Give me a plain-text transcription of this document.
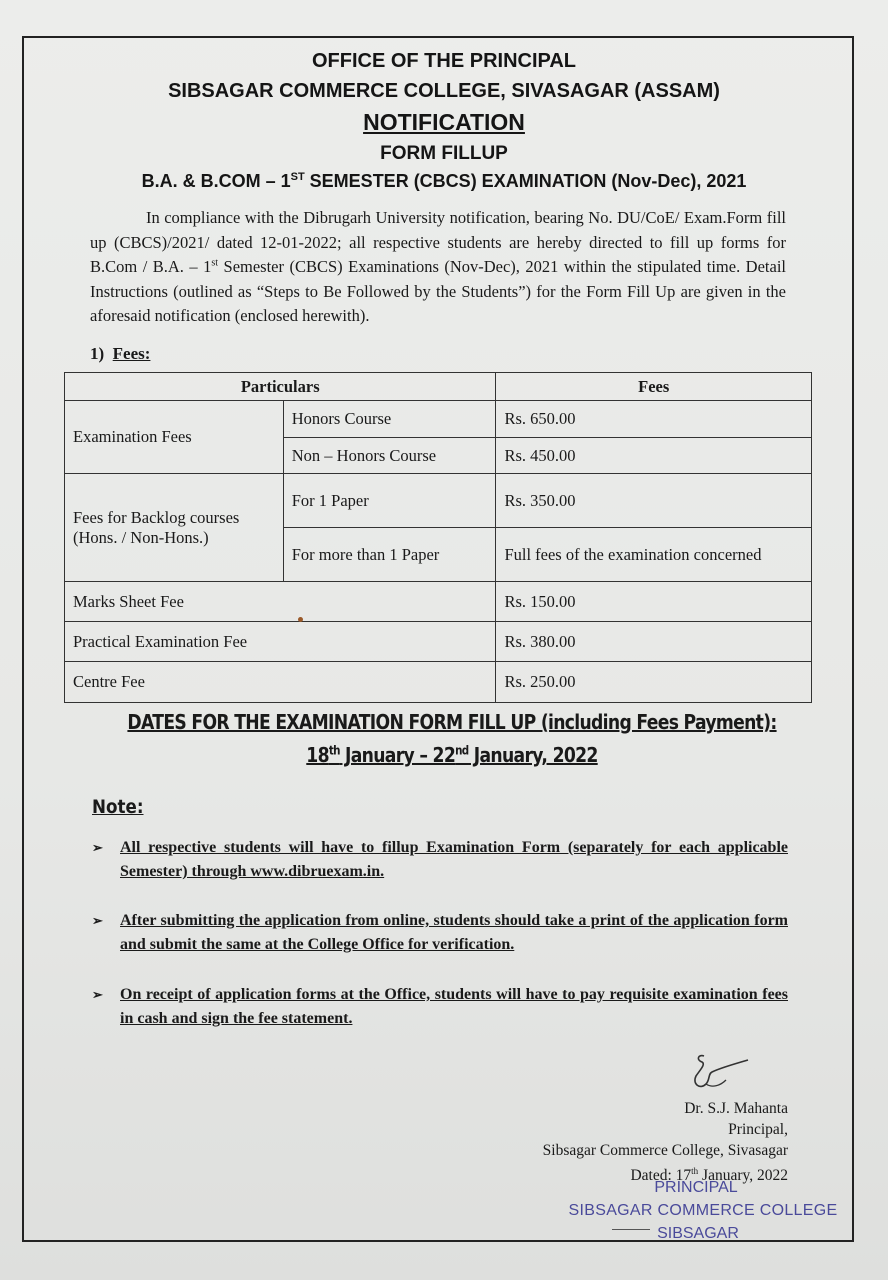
OFFICE OF THE PRINCIPAL
SIBSAGAR COMMERCE COLLEGE, SIVASAGAR (ASSAM)
NOTIFICATION
FORM FILLUP
B.A. & B.COM – 1ST SEMESTER (CBCS) EXAMINATION (Nov-Dec), 2021
In compliance with the Dibrugarh University notification, bearing No. DU/CoE/ Exam.Form fill up (CBCS)/2021/ dated 12-01-2022; all respective students are hereby directed to fill up forms for B.Com / B.A. – 1st Semester (CBCS) Examinations (Nov-Dec), 2021 within the stipulated time. Detail Instructions (outlined as “Steps to Be Followed by the Students”) for the Form Fill Up are given in the aforesaid notification (enclosed herewith).
1) Fees:
Particulars		Fees
Examination Fees	Honors Course	Rs. 650.00
	Non – Honors Course	Rs. 450.00
Fees for Backlog courses
(Hons. / Non-Hons.)	For 1 Paper	Rs. 350.00
	For more than 1 Paper	Full fees of the examination concerned
Marks Sheet Fee		Rs. 150.00
Practical Examination Fee		Rs. 380.00
Centre Fee		Rs. 250.00
DATES FOR THE EXAMINATION FORM FILL UP (including Fees Payment):
18th January – 22nd January, 2022
Note:
➢ All respective students will have to fillup Examination Form (separately for each applicable Semester) through www.dibruexam.in.
➢ After submitting the application from online, students should take a print of the application form and submit the same at the College Office for verification.
➢ On receipt of application forms at the Office, students will have to pay requisite examination fees in cash and sign the fee statement.
Dr. S.J. Mahanta
Principal,
Sibsagar Commerce College, Sivasagar
Dated: 17th January, 2022
PRINCIPAL
SIBSAGAR COMMERCE COLLEGE
SIBSAGAR
